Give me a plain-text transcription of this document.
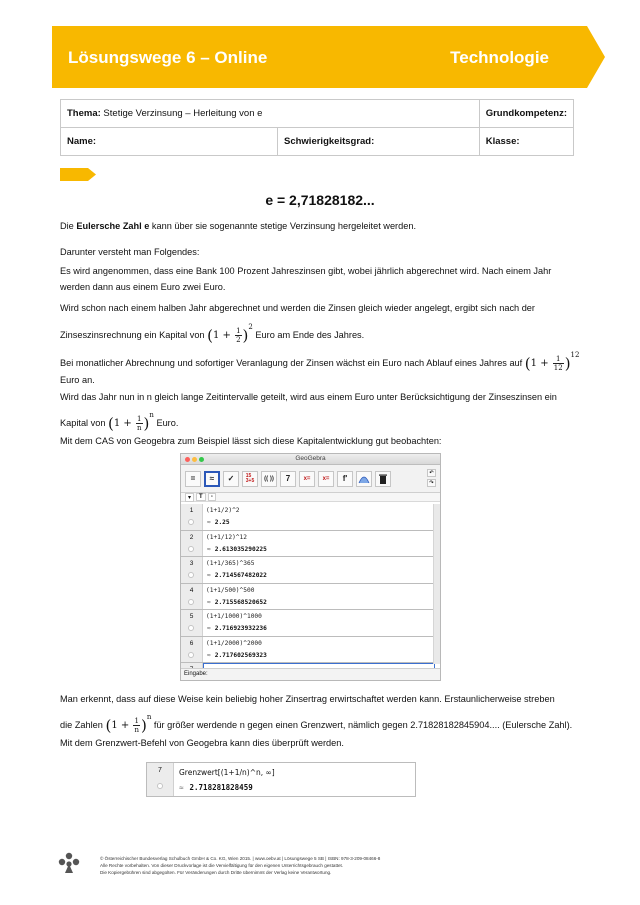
Lösungswege 6 – Online	Technologie
Thema: Stetige Verzinsung – Herleitung von e		Grundkompetenz:
Name:	Schwierigkeitsgrad:	Klasse:
e = 2,71828182...
Die Eulersche Zahl e kann über sie sogenannte stetige Verzinsung hergeleitet werden.
Darunter versteht man Folgendes:
Es wird angenommen, dass eine Bank 100 Prozent Jahreszinsen gibt, wobei jährlich abgerechnet wird. Nach einem Jahr werden dann aus einem Euro zwei Euro.
Wird schon nach einem halben Jahr abgerechnet und werden die Zinsen gleich wieder angelegt, ergibt sich nach der
Zinseszinsrechnung ein Kapital von $(1 + \frac{1}{2} )^2$ Euro am Ende des Jahres.
Bei monatlicher Abrechnung und sofortiger Veranlagung der Zinsen wächst ein Euro nach Ablauf eines Jahres auf $(1 + \frac{1}{12} )^{12}$
Euro an.
Wird das Jahr nun in n gleich lange Zeitintervalle geteilt, wird aus einem Euro unter Berücksichtigung der Zinseszinsen ein
Kapital von $(1 + \frac{1}{n} )^n$ Euro.
Mit dem CAS von Geogebra zum Beispiel lässt sich diese Kapitalentwicklung gut beobachten:
GeoGebra
=	≈	✓	15
3+5	(( ))	7	x=	x=	f'
↶
↷
▾	T	▫
1	(1+1/2)^2
≈ 2.25
2	(1+1/12)^12
≈ 2.613035290225
3	(1+1/365)^365
≈ 2.714567482022
4	(1+1/500)^500
≈ 2.715568520652
5	(1+1/1000)^1000
≈ 2.716923932236
6	(1+1/2000)^2000
≈ 2.717602569323
Eingabe:
Man erkennt, dass auf diese Weise kein beliebig hoher Zinsertrag erwirtschaftet werden kann. Erstaunlicherweise streben
die Zahlen $(1 + \frac{1}{n} )^n$ für größer werdende n gegen einen Grenzwert, nämlich gegen 2.71828182845904.... (Eulersche Zahl).
Mit dem Grenzwert-Befehl von Geogebra kann dies überprüft werden.
7	Grenzwert[(1+1/n)^n, ∞]
≈ 2.718281828459
© Österreichischer Bundesverlag Schulbuch GmbH & Co. KG, Wien 2015. | www.oebv.at | Lösungswege 5 SB | ISBN: 978-3-209-08466-8
Alle Rechte vorbehalten. Von dieser Druckvorlage ist die Vervielfältigung für den eigenen Unterrichtsgebrauch gestattet.
Die Kopiergebühren sind abgegolten. Für Veränderungen durch Dritte übernimmt der Verlag keine Verantwortung.
